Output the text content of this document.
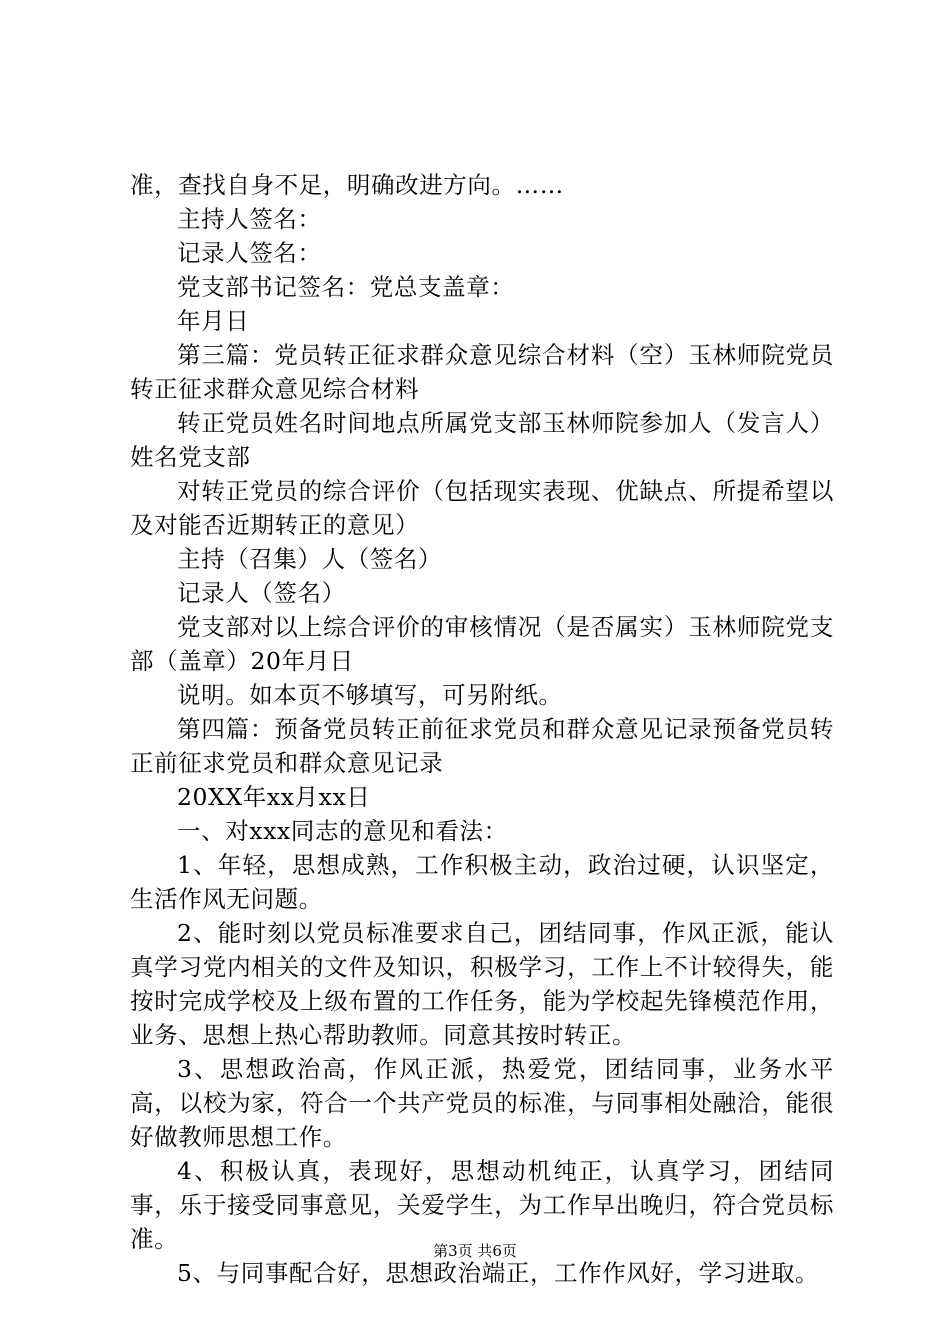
准，查找自身不足，明确改进方向。……

主持人签名：

记录人签名：

党支部书记签名：党总支盖章：

年月日

第三篇：党员转正征求群众意见综合材料（空）玉林师院党员转正征求群众意见综合材料

转正党员姓名时间地点所属党支部玉林师院参加人（发言人）姓名党支部

对转正党员的综合评价（包括现实表现、优缺点、所提希望以及对能否近期转正的意见）

主持（召集）人（签名）

记录人（签名）

党支部对以上综合评价的审核情况（是否属实）玉林师院党支部（盖章）20年月日

说明。如本页不够填写，可另附纸。

第四篇：预备党员转正前征求党员和群众意见记录预备党员转正前征求党员和群众意见记录

20XX年xx月xx日

一、对xxx同志的意见和看法：

1、年轻，思想成熟，工作积极主动，政治过硬，认识坚定，生活作风无问题。

2、能时刻以党员标准要求自己，团结同事，作风正派，能认真学习党内相关的文件及知识，积极学习，工作上不计较得失，能按时完成学校及上级布置的工作任务，能为学校起先锋模范作用，业务、思想上热心帮助教师。同意其按时转正。

3、思想政治高，作风正派，热爱党，团结同事，业务水平高，以校为家，符合一个共产党员的标准，与同事相处融洽，能很好做教师思想工作。

4、积极认真，表现好，思想动机纯正，认真学习，团结同事，乐于接受同事意见，关爱学生，为工作早出晚归，符合党员标准。

5、与同事配合好，思想政治端正，工作作风好，学习进取。

第3页 共6页
